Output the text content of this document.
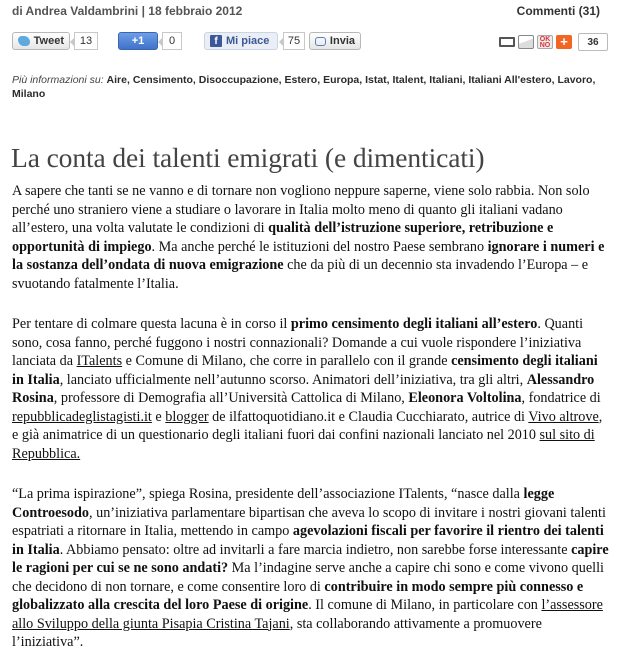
di Andrea Valdambrini | 18 febbraio 2012	Commenti (31)
Tweet	13	+1	0	f Mi piace	75	Invia	OK
NO +	36
Più informazioni su: Aire, Censimento, Disoccupazione, Estero, Europa, Istat, Italent, Italiani, Italiani All'estero, Lavoro, Milano
La conta dei talenti emigrati (e dimenticati)

A sapere che tanti se ne vanno e di tornare non vogliono neppure saperne, viene solo rabbia. Non solo perché uno straniero viene a studiare o lavorare in Italia molto meno di quanto gli italiani vadano all’estero, una volta valutate le condizioni di qualità dell’istruzione superiore, retribuzione e opportunità di impiego. Ma anche perché le istituzioni del nostro Paese sembrano ignorare i numeri e la sostanza dell’ondata di nuova emigrazione che da più di un decennio sta invadendo l’Europa – e svuotando fatalmente l’Italia.

Per tentare di colmare questa lacuna è in corso il primo censimento degli italiani all’estero. Quanti sono, cosa fanno, perché fuggono i nostri connazionali? Domande a cui vuole rispondere l’iniziativa lanciata da ITalents e Comune di Milano, che corre in parallelo con il grande censimento degli italiani in Italia, lanciato ufficialmente nell’autunno scorso. Animatori dell’iniziativa, tra gli altri, Alessandro Rosina, professore di Demografia all’Università Cattolica di Milano, Eleonora Voltolina, fondatrice di repubblicadeglistagisti.it e blogger de ilfattoquotidiano.it e Claudia Cucchiarato, autrice di Vivo altrove, e già animatrice di un questionario degli italiani fuori dai confini nazionali lanciato nel 2010 sul sito di Repubblica.

“La prima ispirazione”, spiega Rosina, presidente dell’associazione ITalents, “nasce dalla legge Controesodo, un’iniziativa parlamentare bipartisan che aveva lo scopo di invitare i nostri giovani talenti espatriati a ritornare in Italia, mettendo in campo agevolazioni fiscali per favorire il rientro dei talenti in Italia. Abbiamo pensato: oltre ad invitarli a fare marcia indietro, non sarebbe forse interessante capire le ragioni per cui se ne sono andati? Ma l’indagine serve anche a capire chi sono e come vivono quelli che decidono di non tornare, e come consentire loro di contribuire in modo sempre più connesso e globalizzato alla crescita del loro Paese di origine. Il comune di Milano, in particolare con l’assessore allo Sviluppo della giunta Pisapia Cristina Tajani, sta collaborando attivamente a promuovere l’iniziativa”.
